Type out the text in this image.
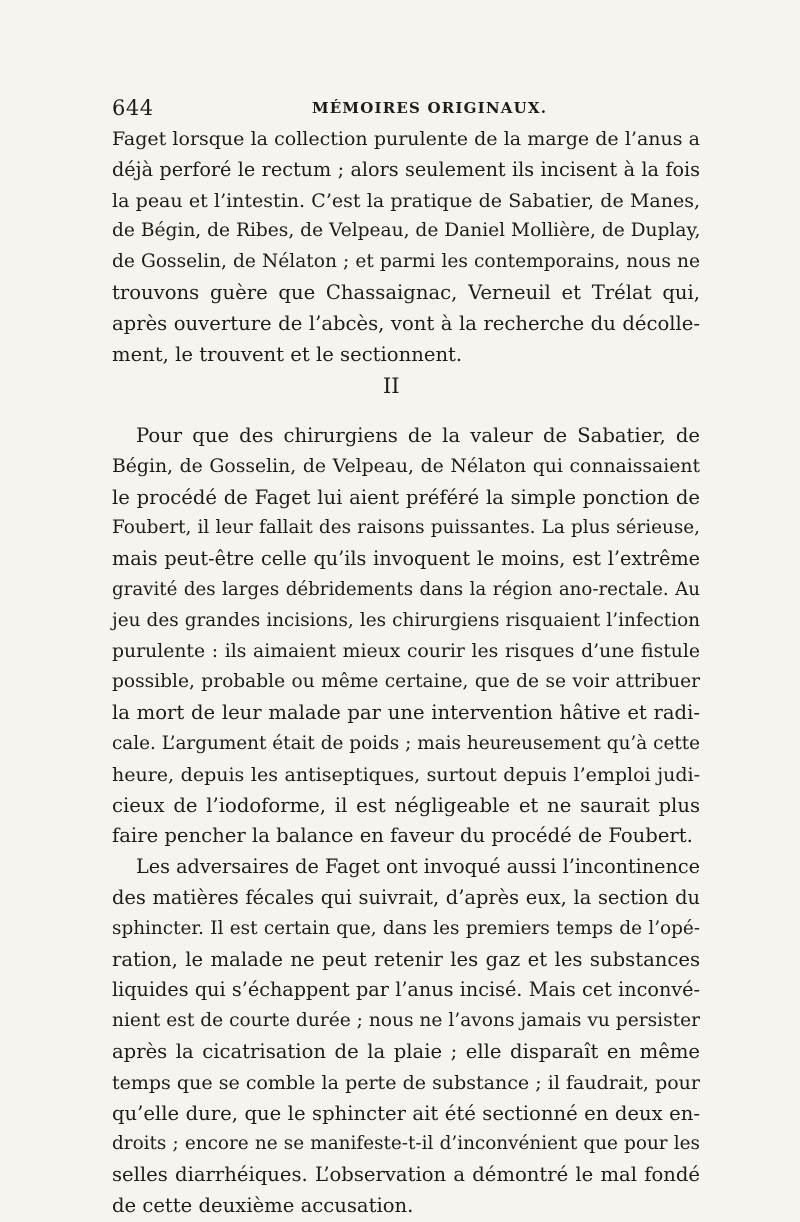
644	MÉMOIRES ORIGINAUX.
Faget lorsque la collection purulente de la marge de l’anus a
déjà perforé le rectum ; alors seulement ils incisent à la fois
la peau et l’intestin. C’est la pratique de Sabatier, de Manes,
de Bégin, de Ribes, de Velpeau, de Daniel Mollière, de Duplay,
de Gosselin, de Nélaton ; et parmi les contemporains, nous ne
trouvons guère que Chassaignac, Verneuil et Trélat qui,
après ouverture de l’abcès, vont à la recherche du décolle-
ment, le trouvent et le sectionnent.
II
Pour que des chirurgiens de la valeur de Sabatier, de
Bégin, de Gosselin, de Velpeau, de Nélaton qui connaissaient
le procédé de Faget lui aient préféré la simple ponction de
Foubert, il leur fallait des raisons puissantes. La plus sérieuse,
mais peut-être celle qu’ils invoquent le moins, est l’extrême
gravité des larges débridements dans la région ano-rectale. Au
jeu des grandes incisions, les chirurgiens risquaient l’infection
purulente : ils aimaient mieux courir les risques d’une fistule
possible, probable ou même certaine, que de se voir attribuer
la mort de leur malade par une intervention hâtive et radi-
cale. L’argument était de poids ; mais heureusement qu’à cette
heure, depuis les antiseptiques, surtout depuis l’emploi judi-
cieux de l’iodoforme, il est négligeable et ne saurait plus
faire pencher la balance en faveur du procédé de Foubert.
Les adversaires de Faget ont invoqué aussi l’incontinence
des matières fécales qui suivrait, d’après eux, la section du
sphincter. Il est certain que, dans les premiers temps de l’opé-
ration, le malade ne peut retenir les gaz et les substances
liquides qui s’échappent par l’anus incisé. Mais cet inconvé-
nient est de courte durée ; nous ne l’avons jamais vu persister
après la cicatrisation de la plaie ; elle disparaît en même
temps que se comble la perte de substance ; il faudrait, pour
qu’elle dure, que le sphincter ait été sectionné en deux en-
droits ; encore ne se manifeste-t-il d’inconvénient que pour les
selles diarrhéiques. L’observation a démontré le mal fondé
de cette deuxième accusation.
